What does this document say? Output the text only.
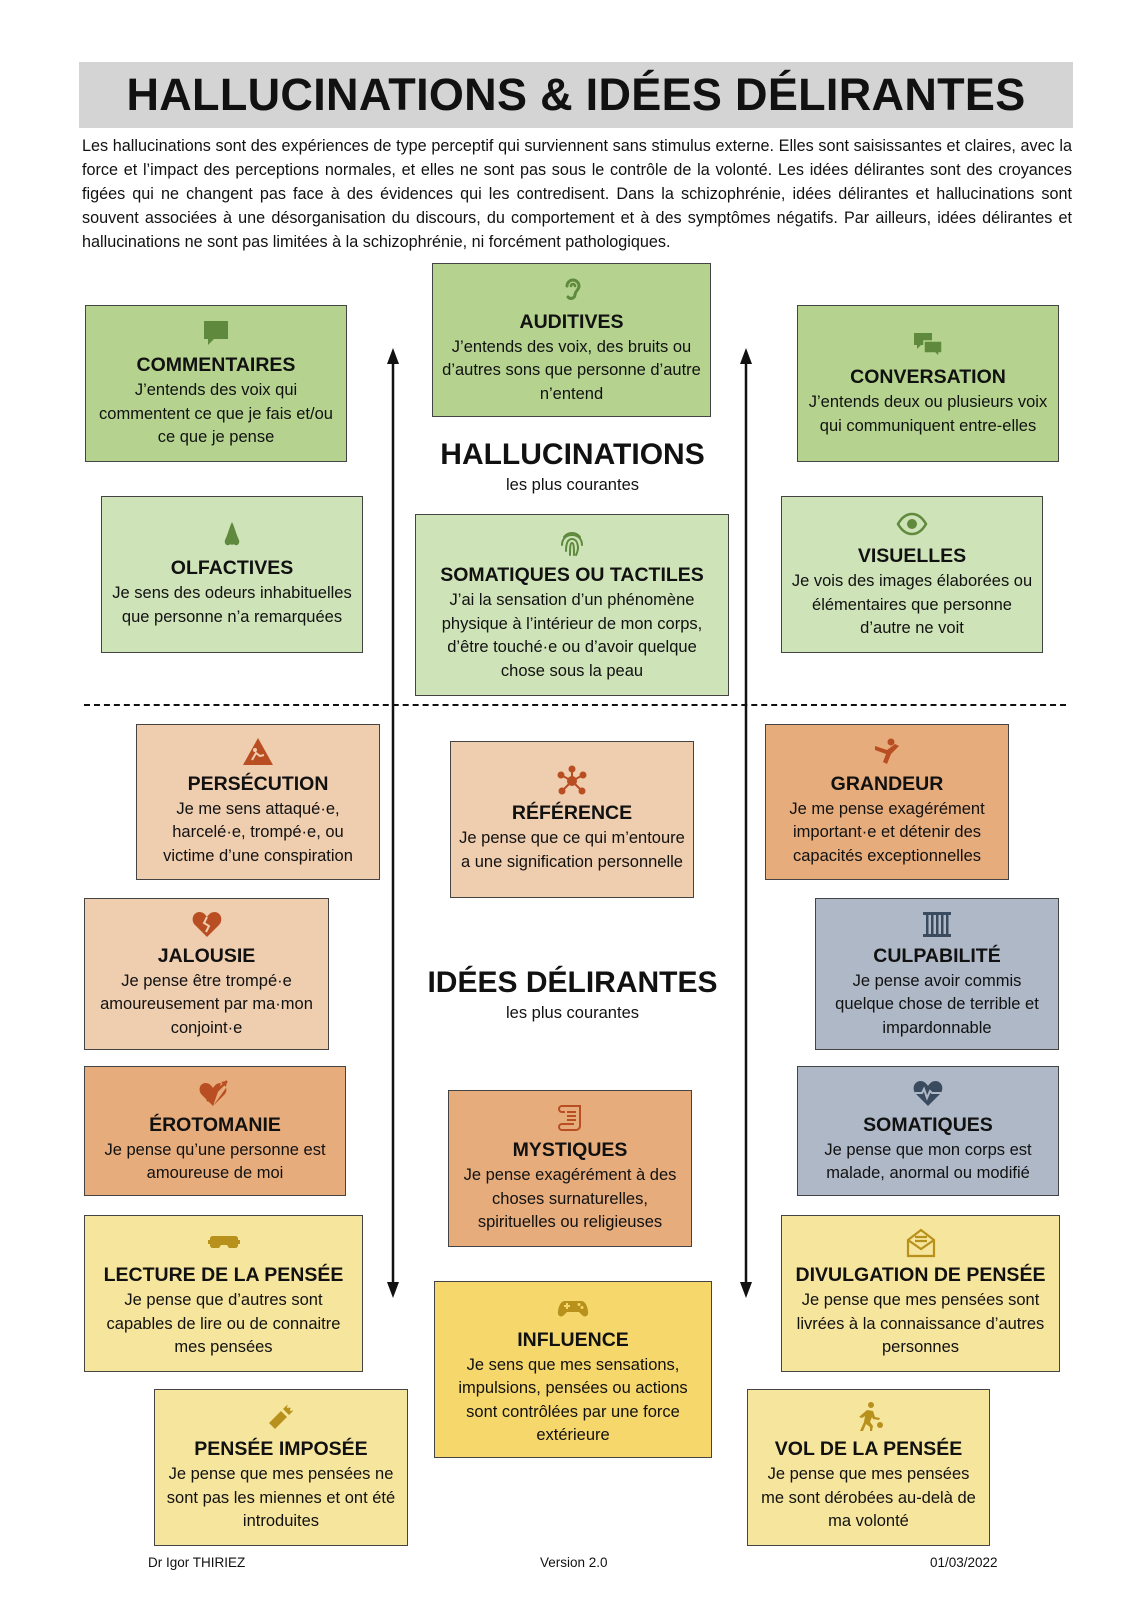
HALLUCINATIONS & IDÉES DÉLIRANTES

Les hallucinations sont des expériences de type perceptif qui surviennent sans stimulus externe. Elles sont saisissantes et claires, avec la force et l’impact des perceptions normales, et elles ne sont pas sous le contrôle de la volonté. Les idées délirantes sont des croyances figées qui ne changent pas face à des évidences qui les contredisent. Dans la schizophrénie, idées délirantes et hallucinations sont souvent associées à une désorganisation du discours, du comportement et à des symptômes négatifs. Par ailleurs, idées délirantes et hallucinations ne sont pas limitées à la schizophrénie, ni forcément pathologiques.

AUDITIVES

J’entends des voix, des bruits ou d’autres sons que personne d’autre n’entend

COMMENTAIRES

J’entends des voix qui commentent ce que je fais et/ou ce que je pense

CONVERSATION

J’entends deux ou plusieurs voix qui communiquent entre-elles

HALLUCINATIONS
les plus courantes
OLFACTIVES

Je sens des odeurs inhabituelles que personne n’a remarquées

SOMATIQUES OU TACTILES

J’ai la sensation d’un phénomène physique à l’intérieur de mon corps, d’être touché·e ou d’avoir quelque chose sous la peau

VISUELLES

Je vois des images élaborées ou élémentaires que personne d’autre ne voit

PERSÉCUTION

Je me sens attaqué·e, harcelé·e, trompé·e, ou victime d’une conspiration

RÉFÉRENCE

Je pense que ce qui m’entoure a une signification personnelle

GRANDEUR

Je me pense exagérément important·e et détenir des capacités exceptionnelles

JALOUSIE

Je pense être trompé·e amoureusement par ma·mon conjoint·e

IDÉES DÉLIRANTES
les plus courantes
CULPABILITÉ

Je pense avoir commis quelque chose de terrible et impardonnable

ÉROTOMANIE

Je pense qu’une personne est amoureuse de moi

MYSTIQUES

Je pense exagérément à des choses surnaturelles, spirituelles ou religieuses

SOMATIQUES

Je pense que mon corps est malade, anormal ou modifié

LECTURE DE LA PENSÉE

Je pense que d’autres sont capables de lire ou de connaitre mes pensées	INFLUENCE

Je sens que mes sensations, impulsions, pensées ou actions sont contrôlées par une force extérieure

DIVULGATION DE PENSÉE

Je pense que mes pensées sont livrées à la connaissance d’autres personnes

PENSÉE IMPOSÉE

Je pense que mes pensées ne sont pas les miennes et ont été introduites

VOL DE LA PENSÉE

Je pense que mes pensées me sont dérobées au-delà de ma volonté

Dr Igor THIRIEZ	Version 2.0	01/03/2022
